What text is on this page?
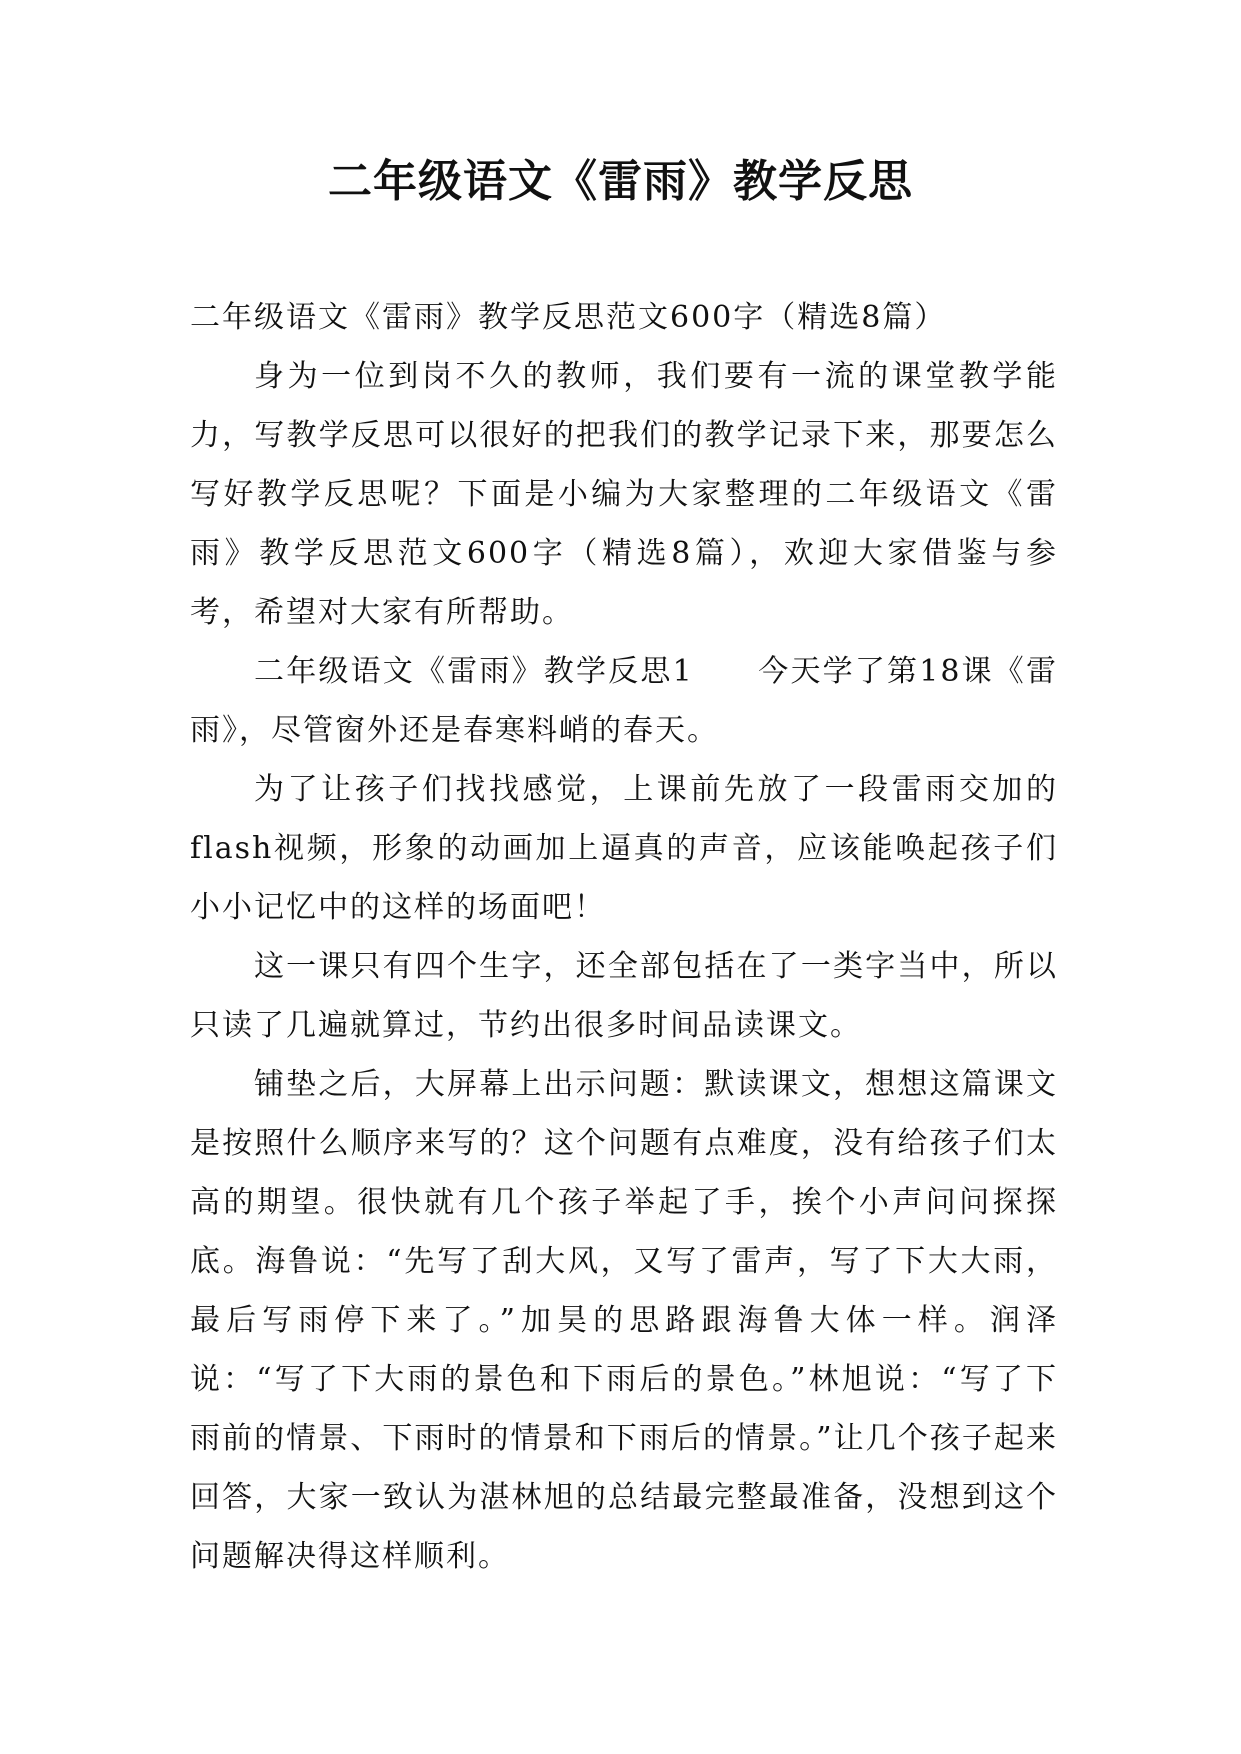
二年级语文《雷雨》教学反思

二年级语文《雷雨》教学反思范文600字（精选8篇）

身为一位到岗不久的教师，我们要有一流的课堂教学能力，写教学反思可以很好的把我们的教学记录下来，那要怎么写好教学反思呢？下面是小编为大家整理的二年级语文《雷雨》教学反思范文600字（精选8篇），欢迎大家借鉴与参考，希望对大家有所帮助。

二年级语文《雷雨》教学反思1　　今天学了第18课《雷雨》，尽管窗外还是春寒料峭的春天。

为了让孩子们找找感觉，上课前先放了一段雷雨交加的flash视频，形象的动画加上逼真的声音，应该能唤起孩子们小小记忆中的这样的场面吧！

这一课只有四个生字，还全部包括在了一类字当中，所以只读了几遍就算过，节约出很多时间品读课文。

铺垫之后，大屏幕上出示问题：默读课文，想想这篇课文是按照什么顺序来写的？这个问题有点难度，没有给孩子们太高的期望。很快就有几个孩子举起了手，挨个小声问问探探底。海鲁说：“先写了刮大风，又写了雷声，写了下大大雨，最后写雨停下来了。”加昊的思路跟海鲁大体一样。润泽说：“写了下大雨的景色和下雨后的景色。”林旭说：“写了下雨前的情景、下雨时的情景和下雨后的情景。”让几个孩子起来回答，大家一致认为湛林旭的总结最完整最准备，没想到这个问题解决得这样顺利。
